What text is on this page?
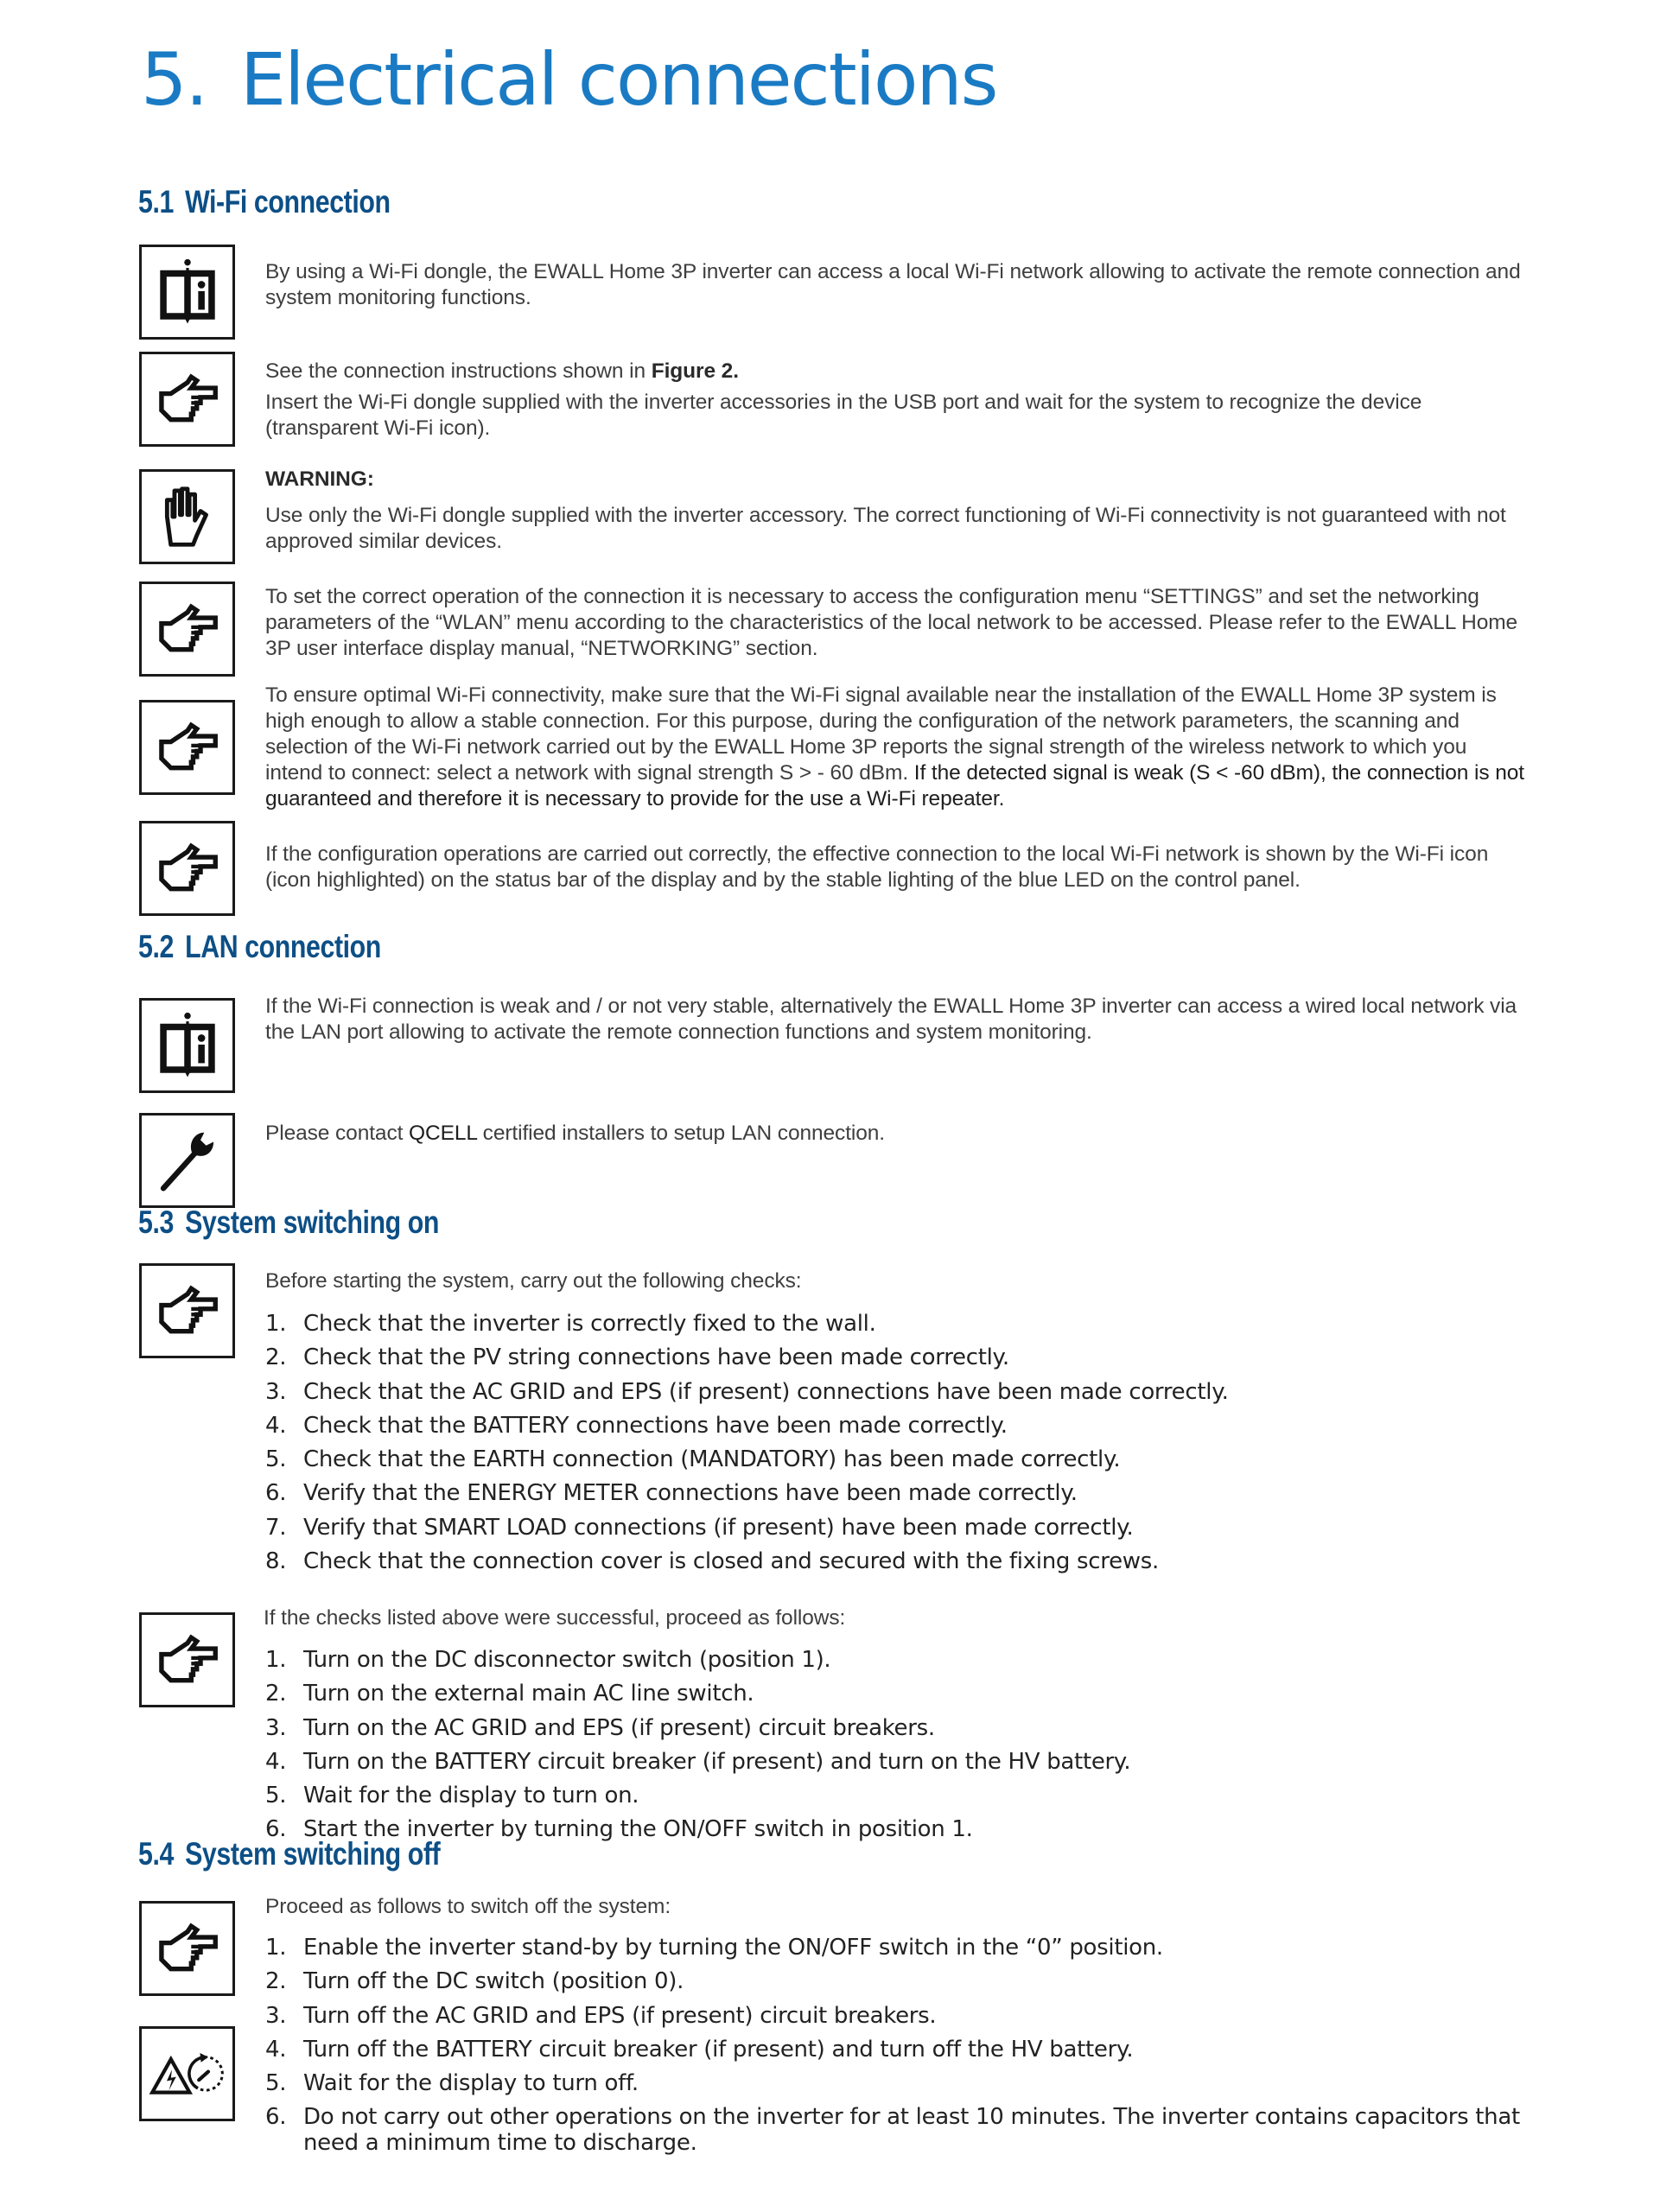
5. Electrical connections
5.1 Wi-Fi connection

By using a Wi-Fi dongle, the EWALL Home 3P inverter can access a local Wi-Fi network allowing to activate the remote connection and system monitoring functions.

See the connection instructions shown in Figure 2.

Insert the Wi-Fi dongle supplied with the inverter accessories in the USB port and wait for the system to recognize the device (transparent Wi-Fi icon).

WARNING:

Use only the Wi-Fi dongle supplied with the inverter accessory. The correct functioning of Wi-Fi connectivity is not guaranteed with not approved similar devices.

To set the correct operation of the connection it is necessary to access the configuration menu “SETTINGS” and set the networking parameters of the “WLAN” menu according to the characteristics of the local network to be accessed. Please refer to the EWALL Home 3P user interface display manual, “NETWORKING” section.

To ensure optimal Wi-Fi connectivity, make sure that the Wi-Fi signal available near the installation of the EWALL Home 3P system is high enough to allow a stable connection. For this purpose, during the configuration of the network parameters, the scanning and selection of the Wi-Fi network carried out by the EWALL Home 3P reports the signal strength of the wireless network to which you intend to connect: select a network with signal strength S > - 60 dBm. If the detected signal is weak (S < -60 dBm), the connection is not guaranteed and therefore it is necessary to provide for the use a Wi-Fi repeater.

If the configuration operations are carried out correctly, the effective connection to the local Wi-Fi network is shown by the Wi-Fi icon (icon highlighted) on the status bar of the display and by the stable lighting of the blue LED on the control panel.

5.2 LAN connection

If the Wi-Fi connection is weak and / or not very stable, alternatively the EWALL Home 3P inverter can access a wired local network via the LAN port allowing to activate the remote connection functions and system monitoring.

Please contact QCELL certified installers to setup LAN connection.

5.3 System switching on

Before starting the system, carry out the following checks:

1. Check that the inverter is correctly fixed to the wall.
2. Check that the PV string connections have been made correctly.
3. Check that the AC GRID and EPS (if present) connections have been made correctly.
4. Check that the BATTERY connections have been made correctly.
5. Check that the EARTH connection (MANDATORY) has been made correctly.
6. Verify that the ENERGY METER connections have been made correctly.
7. Verify that SMART LOAD connections (if present) have been made correctly.
8. Check that the connection cover is closed and secured with the fixing screws.

If the checks listed above were successful, proceed as follows:

1. Turn on the DC disconnector switch (position 1).
2. Turn on the external main AC line switch.
3. Turn on the AC GRID and EPS (if present) circuit breakers.
4. Turn on the BATTERY circuit breaker (if present) and turn on the HV battery.
5. Wait for the display to turn on.
6. Start the inverter by turning the ON/OFF switch in position 1.
5.4 System switching off

Proceed as follows to switch off the system:

1. Enable the inverter stand-by by turning the ON/OFF switch in the “0” position.
2. Turn off the DC switch (position 0).
3. Turn off the AC GRID and EPS (if present) circuit breakers.
4. Turn off the BATTERY circuit breaker (if present) and turn off the HV battery.
5. Wait for the display to turn off.
6. Do not carry out other operations on the inverter for at least 10 minutes. The inverter contains capacitors that need a minimum time to discharge.
